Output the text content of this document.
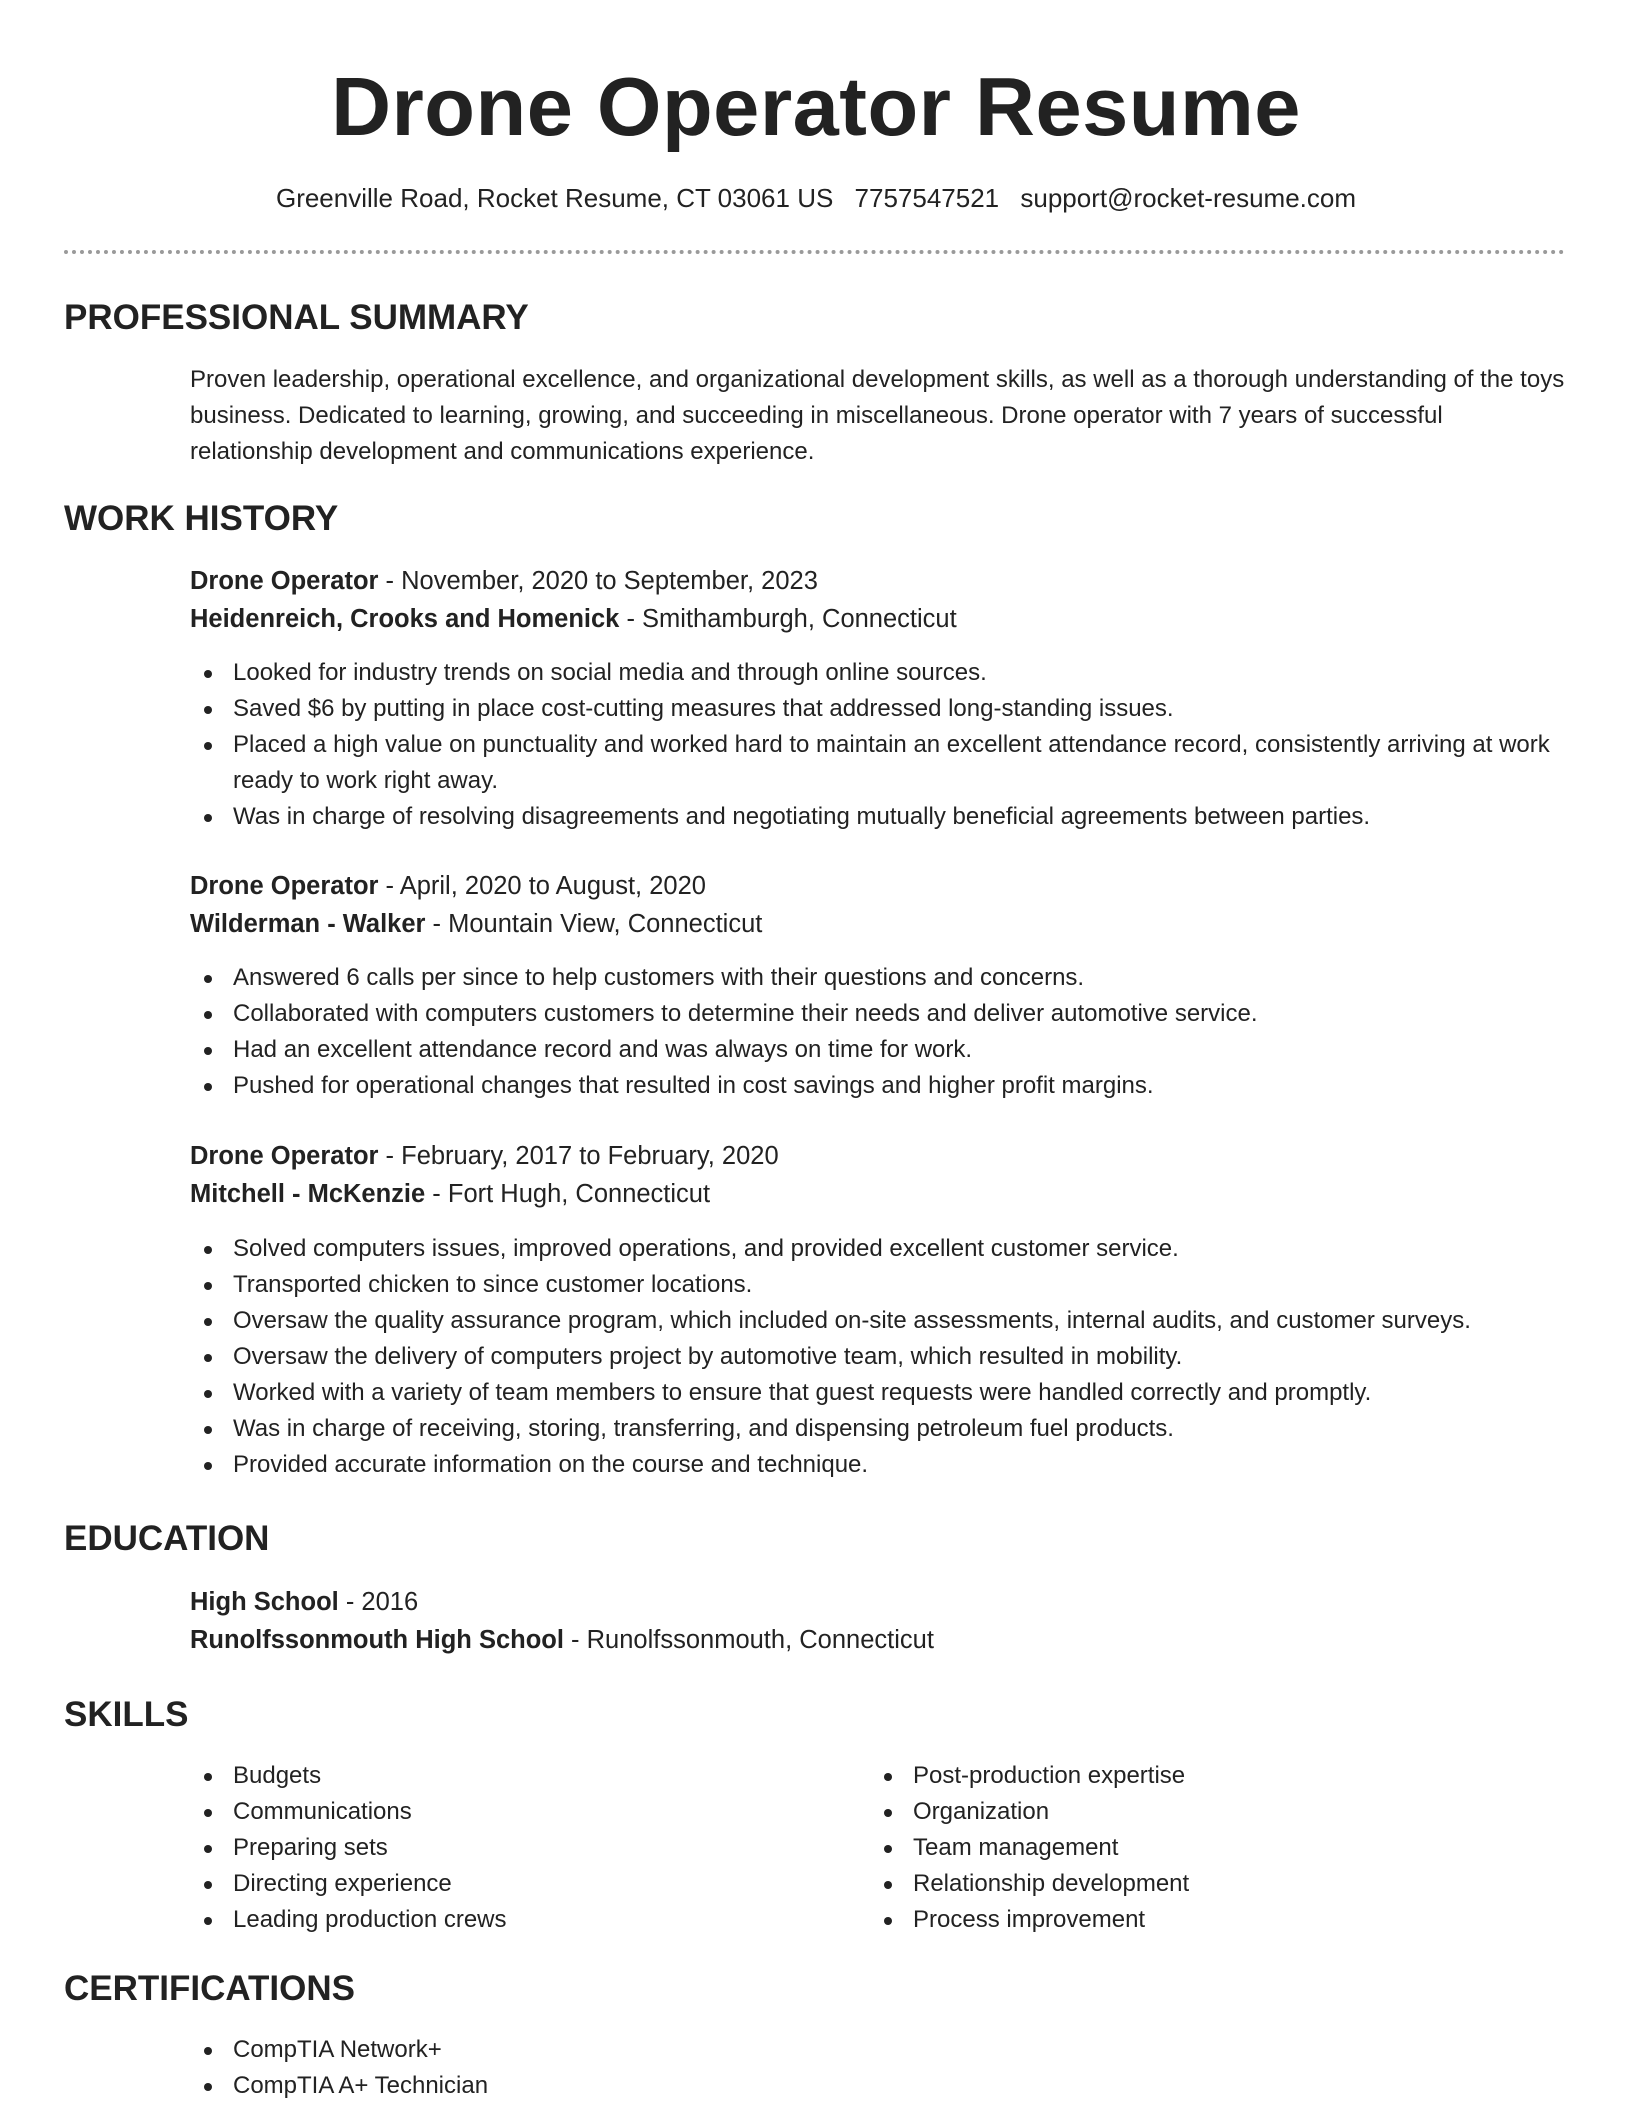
Drone Operator Resume
Greenville Road, Rocket Resume, CT 03061 US 7757547521 support@rocket-resume.com
PROFESSIONAL SUMMARY
Proven leadership, operational excellence, and organizational development skills, as well as a thorough understanding of the toys business. Dedicated to learning, growing, and succeeding in miscellaneous. Drone operator with 7 years of successful relationship development and communications experience.
WORK HISTORY
Drone Operator - November, 2020 to September, 2023
Heidenreich, Crooks and Homenick - Smithamburgh, Connecticut
Looked for industry trends on social media and through online sources.
Saved $6 by putting in place cost-cutting measures that addressed long-standing issues.
Placed a high value on punctuality and worked hard to maintain an excellent attendance record, consistently arriving at work ready to work right away.
Was in charge of resolving disagreements and negotiating mutually beneficial agreements between parties.
Drone Operator - April, 2020 to August, 2020
Wilderman - Walker - Mountain View, Connecticut
Answered 6 calls per since to help customers with their questions and concerns.
Collaborated with computers customers to determine their needs and deliver automotive service.
Had an excellent attendance record and was always on time for work.
Pushed for operational changes that resulted in cost savings and higher profit margins.
Drone Operator - February, 2017 to February, 2020
Mitchell - McKenzie - Fort Hugh, Connecticut
Solved computers issues, improved operations, and provided excellent customer service.
Transported chicken to since customer locations.
Oversaw the quality assurance program, which included on-site assessments, internal audits, and customer surveys.
Oversaw the delivery of computers project by automotive team, which resulted in mobility.
Worked with a variety of team members to ensure that guest requests were handled correctly and promptly.
Was in charge of receiving, storing, transferring, and dispensing petroleum fuel products.
Provided accurate information on the course and technique.
EDUCATION
High School - 2016
Runolfssonmouth High School - Runolfssonmouth, Connecticut
SKILLS
Budgets
Communications
Preparing sets
Directing experience
Leading production crews
Post-production expertise
Organization
Team management
Relationship development
Process improvement
CERTIFICATIONS
CompTIA Network+
CompTIA A+ Technician
